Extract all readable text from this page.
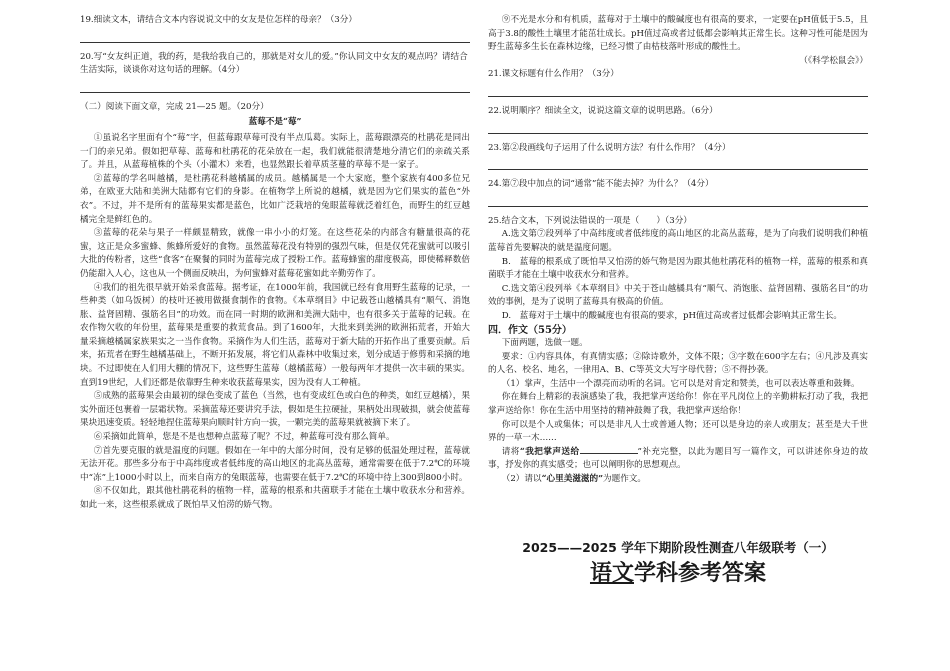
19.细读文本，请结合文本内容说说文中的女友是位怎样的母亲？（3分）

20.写“女友纠正道，我的药，是我给我自己的，那就是对女儿的爱。”你认同文中女友的观点吗？请结合生活实际，谈谈你对这句话的理解。（4分）

（二）阅读下面文章，完成 21—25 题。（20分）

蓝莓不是“莓”

①虽说名字里面有个“莓”字，但蓝莓跟草莓可没有半点瓜葛。实际上，蓝莓跟漂亮的杜鹃花是同出一门的亲兄弟。假如把草莓、蓝莓和杜鹃花的花朵放在一起，我们就能很清楚地分清它们的亲疏关系了。并且，从蓝莓植株的个头（小灌木）来看，也显然跟长着草质茎蔓的草莓不是一家子。

②蓝莓的学名叫越橘，是杜鹃花科越橘属的成员。越橘属是一个大家庭，整个家族有400多位兄弟，在欧亚大陆和美洲大陆都有它们的身影。在植物学上所说的越橘，就是因为它们果实的蓝色“外衣”。不过，并不是所有的蓝莓果实都是蓝色，比如广泛栽培的兔眼蓝莓就泛着红色，而野生的红豆越橘完全是鲜红色的。

③蓝莓的花朵与果子一样颇显精致，就像一串小小的灯笼。在这些花朵的内部含有糖量很高的花蜜，这正是众多蜜蜂、熊蜂所爱好的食物。虽然蓝莓花没有特别的强烈气味，但是仅凭花蜜就可以吸引大批的传粉者，这些“食客”在聚餐的同时为蓝莓完成了授粉工作。蓝莓蜂蜜的甜度极高，即使稀释数倍仍能甜入人心，这也从一个侧面反映出，为何蜜蜂对蓝莓花蜜如此辛勤劳作了。

④我们的祖先很早就开始采食蓝莓。据考证，在1000年前，我国就已经有食用野生蓝莓的记录，一些种类（如乌饭树）的枝叶还被用做摄食制作的食物。《本草纲目》中记载苍山越橘具有“顺气、消饱胀、益肾固精、强筋名目”的功效。而在同一时期的欧洲和美洲大陆中，也有很多关于蓝莓的记载。在农作物欠收的年份里，蓝莓果是重要的救荒食品。到了1600年，大批来到美洲的欧洲拓荒者，开始大量采摘越橘属家族果实之一当作食物。采摘作为人们生活，蓝莓对于新大陆的开拓作出了重要贡献。后来，拓荒者在野生越橘基础上，不断开拓发展，将它们从森林中收集过来，划分成适于修剪和采摘的地块。不过即使在人们用大棚的情况下，这些野生蓝莓（越橘蓝莓）一般每两年才提供一次丰硕的果实。直到19世纪，人们还都是依靠野生种来收获蓝莓果实，因为没有人工种植。

⑤成熟的蓝莓果会由最初的绿色变成了蓝色（当然，也有变成红色或白色的种类，如红豆越橘），果实外面还包裹着一层霜状物。采摘蓝莓还要讲究手法，假如是生拉硬扯，果柄处出现破损，就会使蓝莓果块迅速变质。轻轻地捏住蓝莓果向顺时针方向一拔，一颗完美的蓝莓果就被摘下来了。

⑥采摘如此简单，您是不是也想种点蓝莓了呢？不过，种蓝莓可没有那么简单。

⑦首先要克服的就是温度的问题。假如在一年中的大部分时间，没有足够的低温处理过程，蓝莓就无法开花。那些多分布于中高纬度或者低纬度的高山地区的北高丛蓝莓，通常需要在低于7.2℃的环境中“冻”上1000小时以上，而来自南方的兔眼蓝莓，也需要在低于7.2℃的环境中待上300到800小时。

⑧不仅如此，跟其他杜鹃花科的植物一样，蓝莓的根系和共菌联手才能在土壤中收获水分和营养。如此一来，这些根系就成了既怕旱又怕涝的娇气物。

⑨不光是水分和有机质，蓝莓对于土壤中的酸碱度也有很高的要求，一定要在pH值低于5.5，且高于3.8的酸性土壤里才能茁壮成长。pH值过高或者过低都会影响其正常生长。这种习性可能是因为野生蓝莓多生长在森林边缘，已经习惯了由枯枝落叶形成的酸性土。

（《科学松鼠会》）

21.课文标题有什么作用？（3分）

22.说明顺序？细读全文，说说这篇文章的说明思路。（6分）

23.第②段画线句子运用了什么说明方法？有什么作用？（4分）

24.第⑦段中加点的词“通常”能不能去掉？为什么？（4分）

25.结合文本，下列说法错误的一项是（　　）（3分）

A.选文第⑦段列举了中高纬度或者低纬度的高山地区的北高丛蓝莓，是为了向我们说明我们种植蓝莓首先要解决的就是温度问题。

B.　蓝莓的根系成了既怕旱又怕涝的娇气物是因为跟其他杜鹃花科的植物一样，蓝莓的根系和真菌联手才能在土壤中收获水分和营养。

C.选文第④段列举《本草纲目》中关于苍山越橘具有“顺气、消饱胀、益肾固精、强筋名目”的功效的事例，是为了说明了蓝莓具有极高的价值。

D.　蓝莓对于土壤中的酸碱度也有很高的要求，pH值过高或者过低都会影响其正常生长。

四．作文（55分）

下面两题，选做一题。

要求：①内容具体，有真情实感；②除诗歌外，文体不限；③字数在600字左右；④凡涉及真实的人名、校名、地名，一律用A、B、C等英文大写字母代替；⑤不得抄袭。

（1）掌声，生活中一个漂亮而动听的名词。它可以是对肯定和赞美，也可以表达尊重和鼓舞。

你在舞台上精彩的表演感染了我，我把掌声送给你！你在平凡岗位上的辛勤耕耘打动了我，我把掌声送给你！你在生活中用坚持的精神鼓舞了我，我把掌声送给你！

你可以是个人或集体；可以是非凡人士或普通人物；还可以是身边的亲人或朋友；甚至是大千世界的一草一木……

请将“我把掌声送给	”补充完整，以此为题目写一篇作文，可以讲述你身边的故事，抒发你的真实感受；也可以阐明你的思想观点。

（2）请以“心里美滋滋的”为题作文。

2025——2025 学年下期阶段性测查八年级联考（一）
语文学科参考答案
